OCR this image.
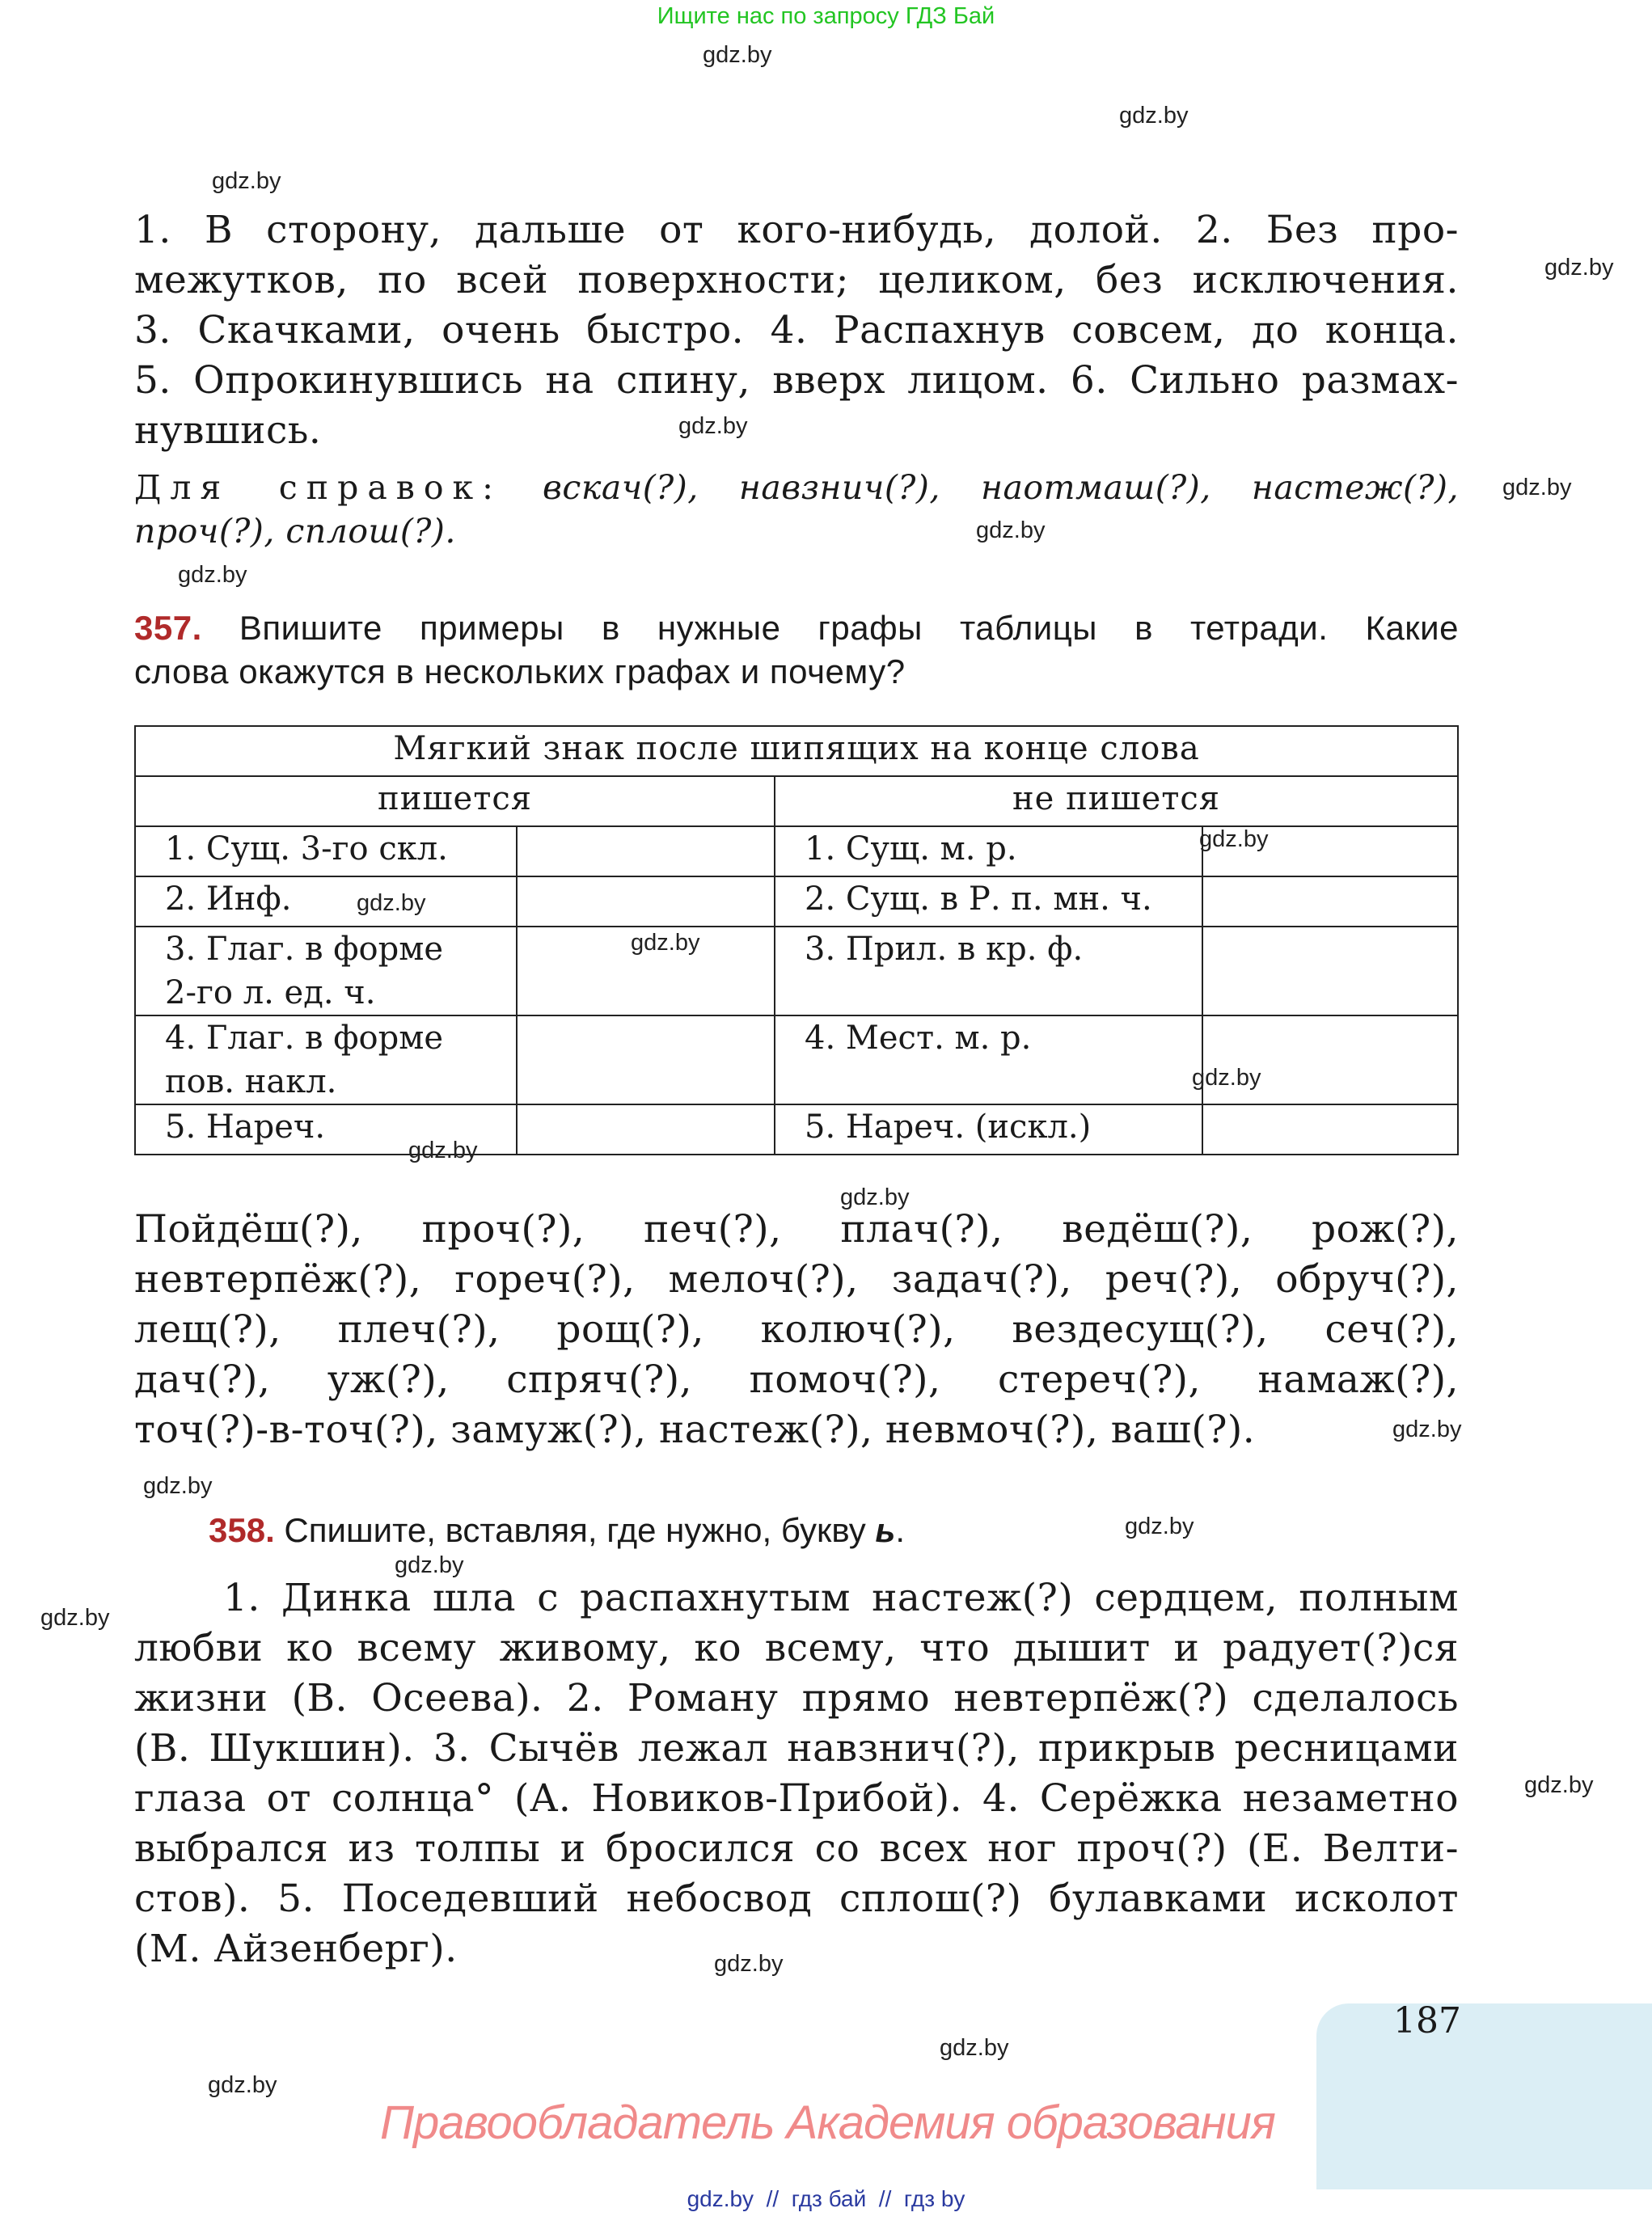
Ищите нас по запросу ГДЗ Бай
gdz.by
gdz.by
gdz.by
gdz.by
gdz.by
gdz.by
gdz.by
gdz.by
gdz.by
gdz.by
gdz.by
gdz.by
gdz.by
gdz.by
gdz.by
gdz.by
gdz.by
gdz.by
gdz.by
gdz.by
gdz.by
gdz.by
gdz.by
1. В сторону, дальше от кого-нибудь, долой. 2. Без про-
межутков, по всей поверхности; целиком, без исключения.
3. Скачками, очень быстро. 4. Распахнув совсем, до конца.
5. Опрокинувшись на спину, вверх лицом. 6. Сильно размах-
нувшись.
Для справок: вскач(?), навзнич(?), наотмаш(?), настеж(?),
проч(?), сплош(?).
357. Впишите примеры в нужные графы таблицы в тетради. Какие
слова окажутся в нескольких графах и почему?
Мягкий знак после шипящих на конце слова			
пишется		не пишется	
1. Сущ. 3-го скл.		1. Сущ. м. р.	
2. Инф.		2. Сущ. в Р. п. мн. ч.	
3. Глаг. в форме
2-го л. ед. ч.		3. Прил. в кр. ф.	
4. Глаг. в форме
пов. накл.		4. Мест. м. р.	
5. Нареч.		5. Нареч. (искл.)	
Пойдёш(?), проч(?), печ(?), плач(?), ведёш(?), рож(?),
невтерпёж(?), гореч(?), мелоч(?), задач(?), реч(?), обруч(?),
лещ(?), плеч(?), рощ(?), колюч(?), вездесущ(?), сеч(?),
дач(?), уж(?), спряч(?), помоч(?), стереч(?), намаж(?),
точ(?)-в-точ(?), замуж(?), настеж(?), невмоч(?), ваш(?).
358. Спишите, вставляя, где нужно, букву ь.
1. Динка шла с распахнутым настеж(?) сердцем, полным
любви ко всему живому, ко всему, что дышит и радует(?)ся
жизни (В. Осеева). 2. Роману прямо невтерпёж(?) сделалось
(В. Шукшин). 3. Сычёв лежал навзнич(?), прикрыв ресницами
глаза от солнца° (А. Новиков-Прибой). 4. Серёжка незаметно
выбрался из толпы и бросился со всех ног проч(?) (Е. Велти-
стов). 5. Поседевший небосвод сплош(?) булавками исколот
(М. Айзенберг).
187
Правообладатель Академия образования
gdz.by  //  гдз бай  //  гдз by
